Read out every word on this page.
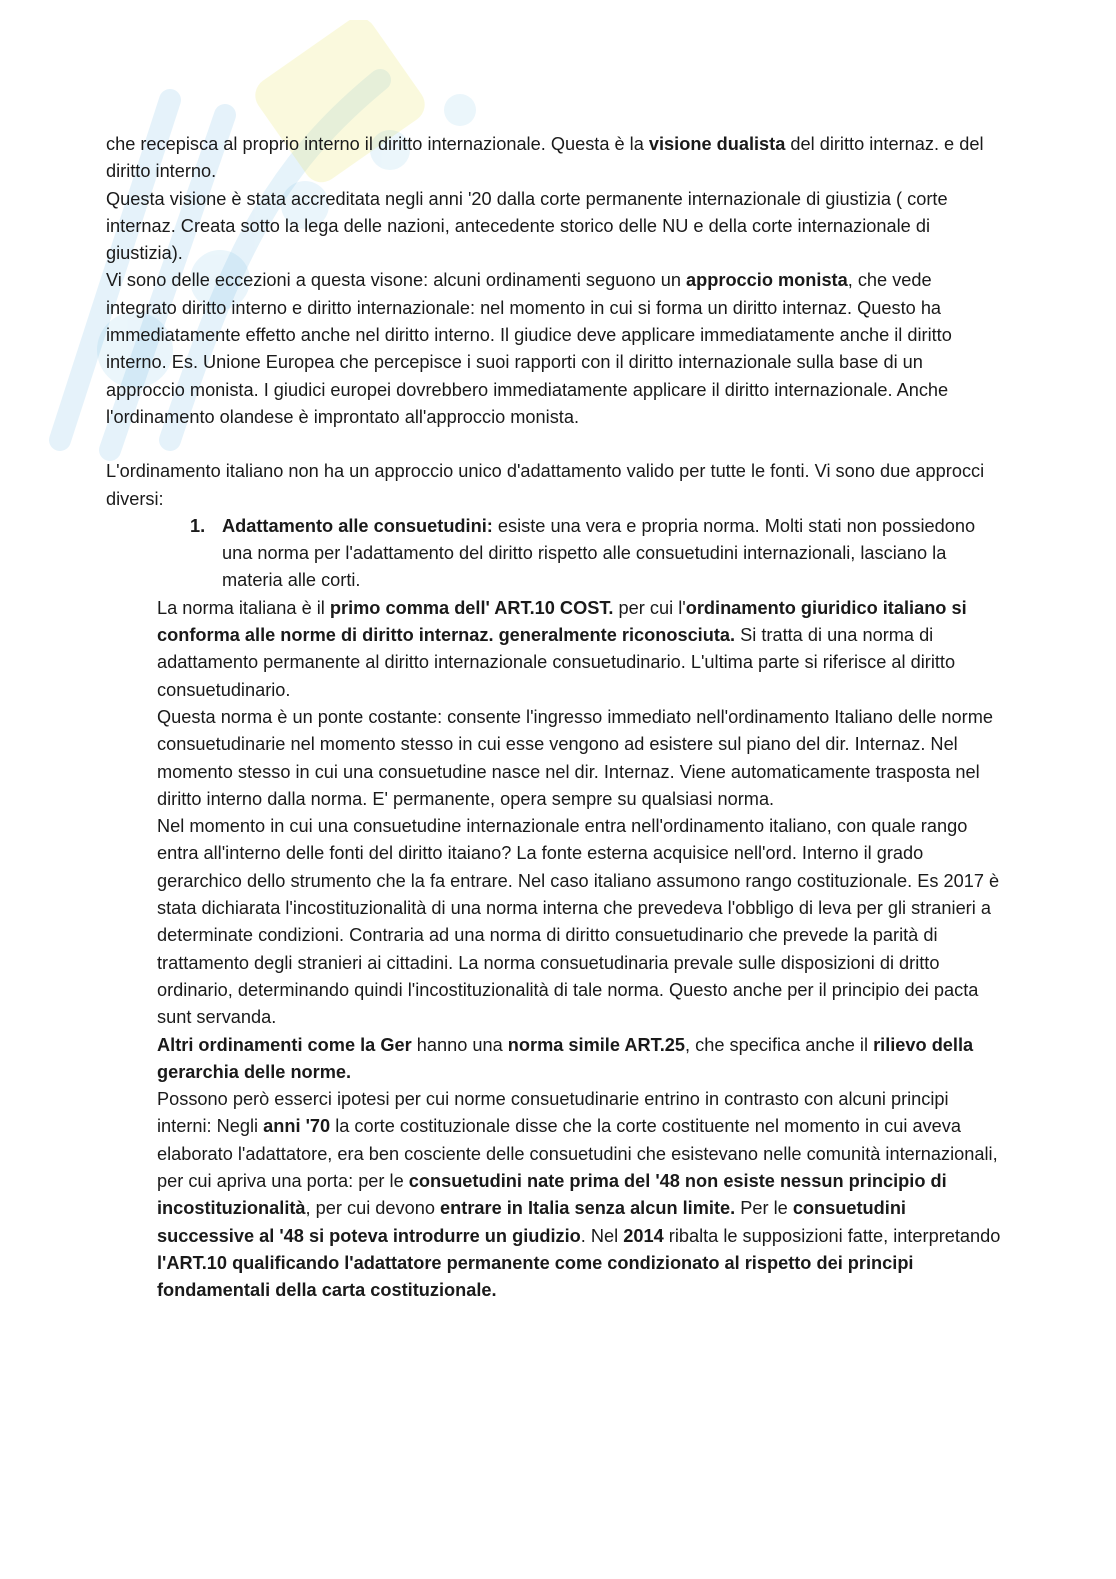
che recepisca al proprio interno il diritto internazionale. Questa è la visione dualista del diritto internaz. e del diritto interno.

Questa visione è stata accreditata negli anni '20 dalla corte permanente internazionale di giustizia ( corte internaz. Creata sotto la lega delle nazioni, antecedente storico delle NU e della corte internazionale di giustizia).

Vi sono delle eccezioni a questa visone: alcuni ordinamenti seguono un approccio monista, che vede integrato diritto interno e diritto internazionale: nel momento in cui si forma un diritto internaz. Questo ha immediatamente effetto anche nel diritto interno. Il giudice deve applicare immediatamente anche il diritto interno. Es. Unione Europea che percepisce i suoi rapporti con il diritto internazionale sulla base di un approccio monista. I giudici europei dovrebbero immediatamente applicare il diritto internazionale. Anche l'ordinamento olandese è improntato all'approccio monista.

L'ordinamento italiano non ha un approccio unico d'adattamento valido per tutte le fonti. Vi sono due approcci diversi:

1. Adattamento alle consuetudini: esiste una vera e propria norma. Molti stati non possiedono una norma per l'adattamento del diritto rispetto alle consuetudini internazionali, lasciano la materia alle corti.

La norma italiana è il primo comma dell' ART.10 COST. per cui l'ordinamento giuridico italiano si conforma alle norme di diritto internaz. generalmente riconosciuta. Si tratta di una norma di adattamento permanente al diritto internazionale consuetudinario. L'ultima parte si riferisce al diritto consuetudinario.

Questa norma è un ponte costante: consente l'ingresso immediato nell'ordinamento Italiano delle norme consuetudinarie nel momento stesso in cui esse vengono ad esistere sul piano del dir. Internaz. Nel momento stesso in cui una consuetudine nasce nel dir. Internaz. Viene automaticamente trasposta nel diritto interno dalla norma. E' permanente, opera sempre su qualsiasi norma.

Nel momento in cui una consuetudine internazionale entra nell'ordinamento italiano, con quale rango entra all'interno delle fonti del diritto itaiano? La fonte esterna acquisice nell'ord. Interno il grado gerarchico dello strumento che la fa entrare. Nel caso italiano assumono rango costituzionale. Es 2017 è stata dichiarata l'incostituzionalità di una norma interna che prevedeva l'obbligo di leva per gli stranieri a determinate condizioni. Contraria ad una norma di diritto consuetudinario che prevede la parità di trattamento degli stranieri ai cittadini. La norma consuetudinaria prevale sulle disposizioni di dritto ordinario, determinando quindi l'incostituzionalità di tale norma. Questo anche per il principio dei pacta sunt servanda.

Altri ordinamenti come la Ger hanno una norma simile ART.25, che specifica anche il rilievo della gerarchia delle norme.

Possono però esserci ipotesi per cui norme consuetudinarie entrino in contrasto con alcuni principi interni: Negli anni '70 la corte costituzionale disse che la corte costituente nel momento in cui aveva elaborato l'adattatore, era ben cosciente delle consuetudini che esistevano nelle comunità internazionali, per cui apriva una porta: per le consuetudini nate prima del '48 non esiste nessun principio di incostituzionalità, per cui devono entrare in Italia senza alcun limite. Per le consuetudini successive al '48 si poteva introdurre un giudizio. Nel 2014 ribalta le supposizioni fatte, interpretando l'ART.10 qualificando l'adattatore permanente come condizionato al rispetto dei principi fondamentali della carta costituzionale.
